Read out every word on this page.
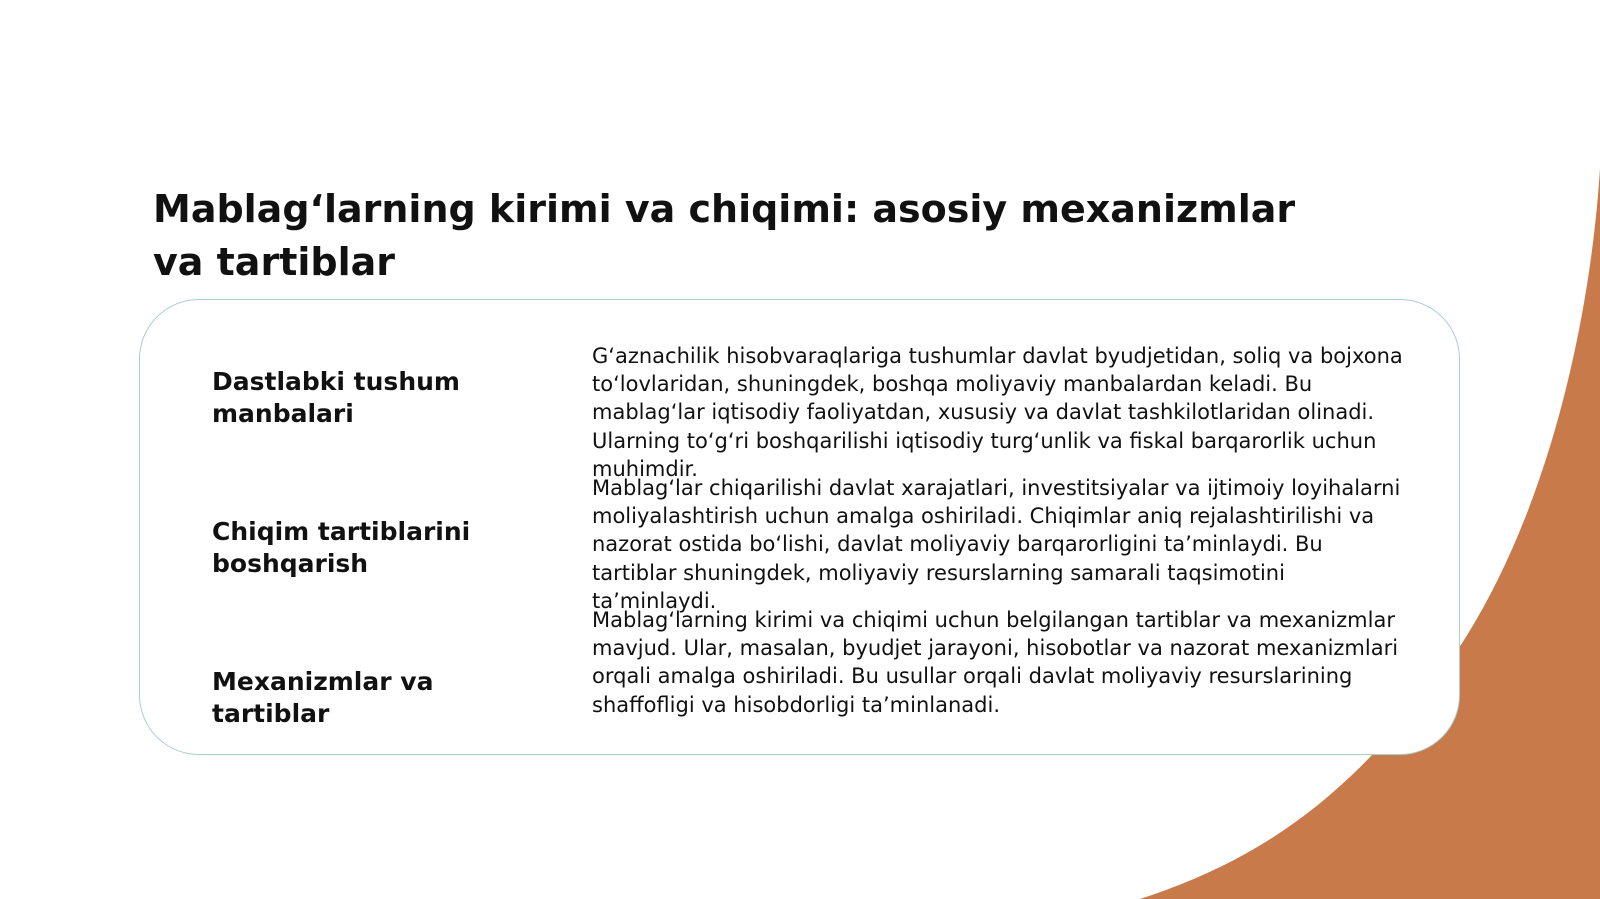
Mablag‘larning kirimi va chiqimi: asosiy mexanizmlar va tartiblar
Dastlabki tushum manbalari
G‘aznachilik hisobvaraqlariga tushumlar davlat byudjetidan, soliq va bojxona to‘lovlaridan, shuningdek, boshqa moliyaviy manbalardan keladi. Bu mablag‘lar iqtisodiy faoliyatdan, xususiy va davlat tashkilotlaridan olinadi. Ularning to‘g‘ri boshqarilishi iqtisodiy turg‘unlik va fiskal barqarorlik uchun muhimdir.
Chiqim tartiblarini boshqarish
Mablag‘lar chiqarilishi davlat xarajatlari, investitsiyalar va ijtimoiy loyihalarni moliyalashtirish uchun amalga oshiriladi. Chiqimlar aniq rejalashtirilishi va nazorat ostida bo‘lishi, davlat moliyaviy barqarorligini ta’minlaydi. Bu tartiblar shuningdek, moliyaviy resurslarning samarali taqsimotini ta’minlaydi.
Mexanizmlar va tartiblar
Mablag‘larning kirimi va chiqimi uchun belgilangan tartiblar va mexanizmlar mavjud. Ular, masalan, byudjet jarayoni, hisobotlar va nazorat mexanizmlari orqali amalga oshiriladi. Bu usullar orqali davlat moliyaviy resurslarining shaffofligi va hisobdorligi ta’minlanadi.
